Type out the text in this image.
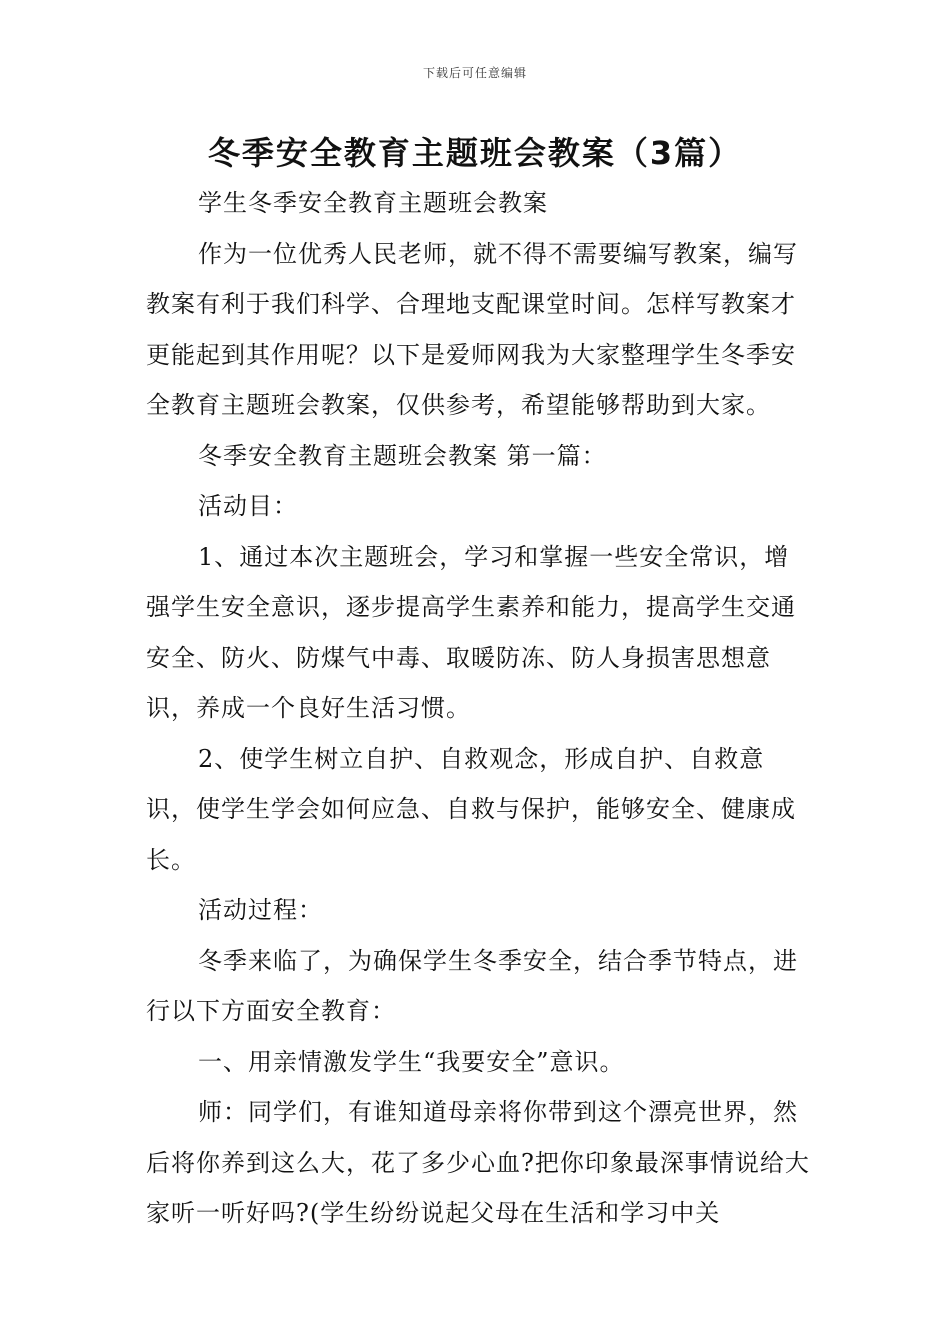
下载后可任意编辑
冬季安全教育主题班会教案（3篇）

学生冬季安全教育主题班会教案

作为一位优秀人民老师，就不得不需要编写教案，编写教案有利于我们科学、合理地支配课堂时间。怎样写教案才更能起到其作用呢？以下是爱师网我为大家整理学生冬季安全教育主题班会教案，仅供参考，希望能够帮助到大家。

冬季安全教育主题班会教案 第一篇：

活动目：

1、通过本次主题班会，学习和掌握一些安全常识，增强学生安全意识，逐步提高学生素养和能力，提高学生交通安全、防火、防煤气中毒、取暖防冻、防人身损害思想意识，养成一个良好生活习惯。

2、使学生树立自护、自救观念，形成自护、自救意识，使学生学会如何应急、自救与保护，能够安全、健康成长。

活动过程：

冬季来临了，为确保学生冬季安全，结合季节特点，进行以下方面安全教育：

一、用亲情激发学生“我要安全”意识。

师：同学们，有谁知道母亲将你带到这个漂亮世界，然后将你养到这么大，花了多少心血?把你印象最深事情说给大家听一听好吗?(学生纷纷说起父母在生活和学习中关
